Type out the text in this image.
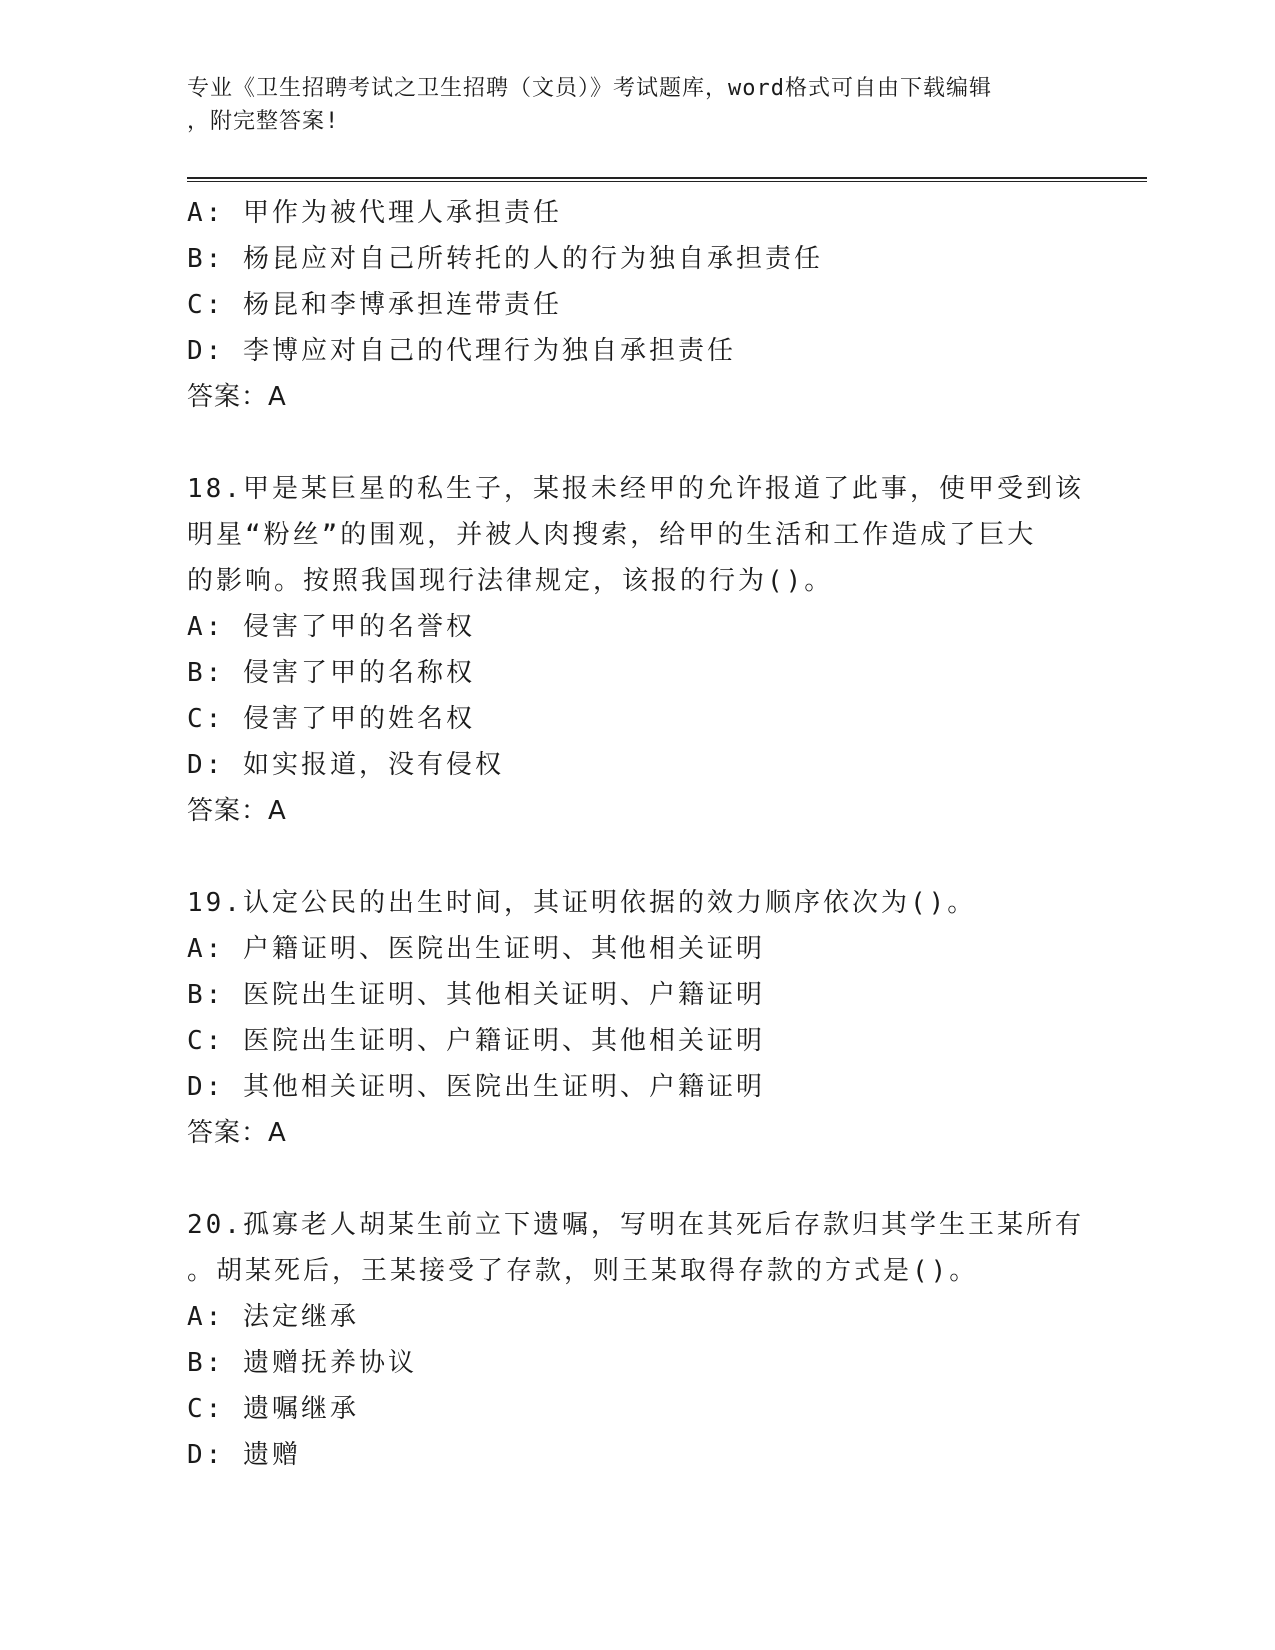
专业《卫生招聘考试之卫生招聘（文员）》考试题库，word格式可自由下载编辑
，附完整答案!
A: 甲作为被代理人承担责任
B: 杨昆应对自己所转托的人的行为独自承担责任
C: 杨昆和李博承担连带责任
D: 李博应对自己的代理行为独自承担责任
答案：A
18.甲是某巨星的私生子，某报未经甲的允许报道了此事，使甲受到该
明星“粉丝”的围观，并被人肉搜索，给甲的生活和工作造成了巨大
的影响。按照我国现行法律规定，该报的行为()。
A: 侵害了甲的名誉权
B: 侵害了甲的名称权
C: 侵害了甲的姓名权
D: 如实报道，没有侵权
答案：A
19.认定公民的出生时间，其证明依据的效力顺序依次为()。
A: 户籍证明、医院出生证明、其他相关证明
B: 医院出生证明、其他相关证明、户籍证明
C: 医院出生证明、户籍证明、其他相关证明
D: 其他相关证明、医院出生证明、户籍证明
答案：A
20.孤寡老人胡某生前立下遗嘱，写明在其死后存款归其学生王某所有
。胡某死后，王某接受了存款，则王某取得存款的方式是()。
A: 法定继承
B: 遗赠抚养协议
C: 遗嘱继承
D: 遗赠
